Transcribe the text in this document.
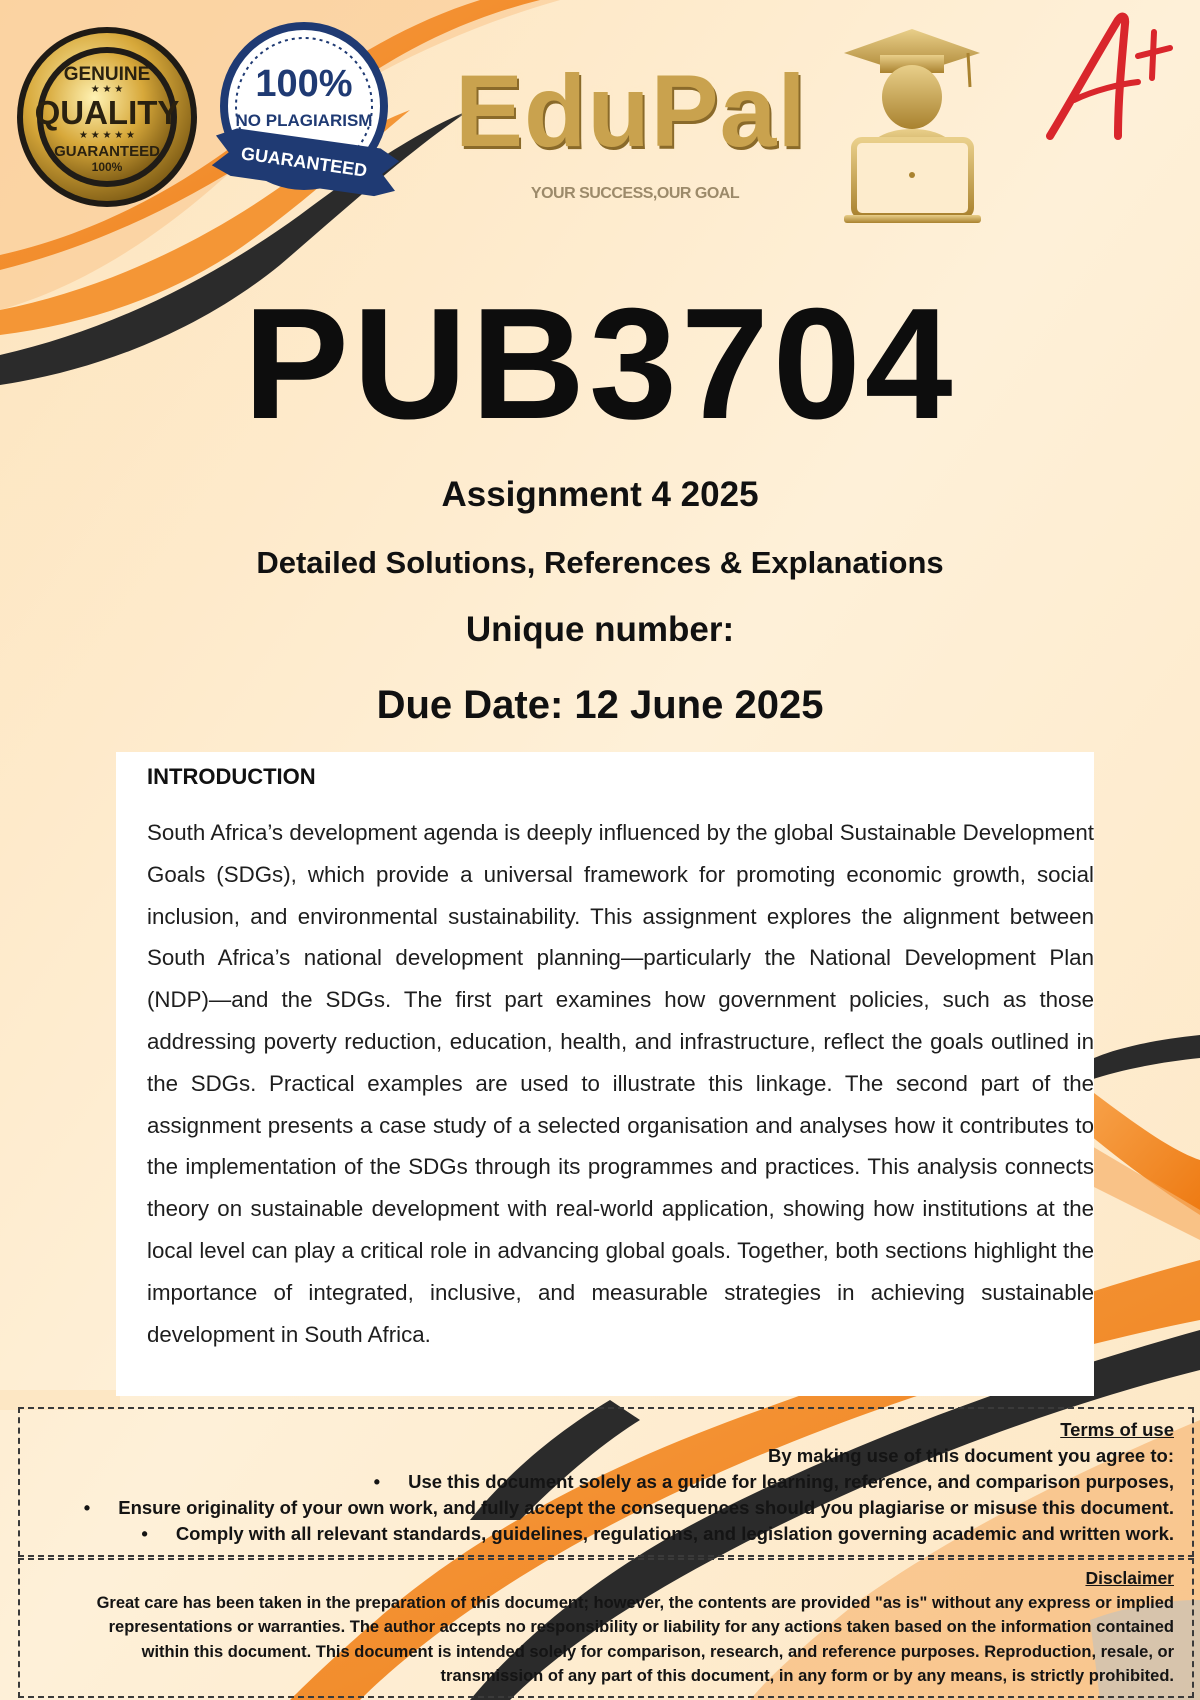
GENUINE
★ ★ ★
QUALITY
★ ★ ★ ★ ★
GUARANTEED
100%
100%
NO PLAGIARISM
GUARANTEED EduPal
YOUR SUCCESS,OUR GOAL
PUB3704
Assignment 4 2025
Detailed Solutions, References & Explanations
Unique number:
Due Date: 12 June 2025
INTRODUCTION

South Africa’s development agenda is deeply influenced by the global Sustainable Development Goals (SDGs), which provide a universal framework for promoting economic growth, social inclusion, and environmental sustainability. This assignment explores the alignment between South Africa’s national development planning—particularly the National Development Plan (NDP)—and the SDGs. The first part examines how government policies, such as those addressing poverty reduction, education, health, and infrastructure, reflect the goals outlined in the SDGs. Practical examples are used to illustrate this linkage. The second part of the assignment presents a case study of a selected organisation and analyses how it contributes to the implementation of the SDGs through its programmes and practices. This analysis connects theory on sustainable development with real-world application, showing how institutions at the local level can play a critical role in advancing global goals. Together, both sections highlight the importance of integrated, inclusive, and measurable strategies in achieving sustainable development in South Africa.

Terms of use
By making use of this document you agree to:
• Use this document solely as a guide for learning, reference, and comparison purposes,
• Ensure originality of your own work, and fully accept the consequences should you plagiarise or misuse this document.
• Comply with all relevant standards, guidelines, regulations, and legislation governing academic and written work.
Disclaimer
Great care has been taken in the preparation of this document; however, the contents are provided "as is" without any express or implied representations or warranties. The author accepts no responsibility or liability for any actions taken based on the information contained within this document. This document is intended solely for comparison, research, and reference purposes. Reproduction, resale, or transmission of any part of this document, in any form or by any means, is strictly prohibited.
